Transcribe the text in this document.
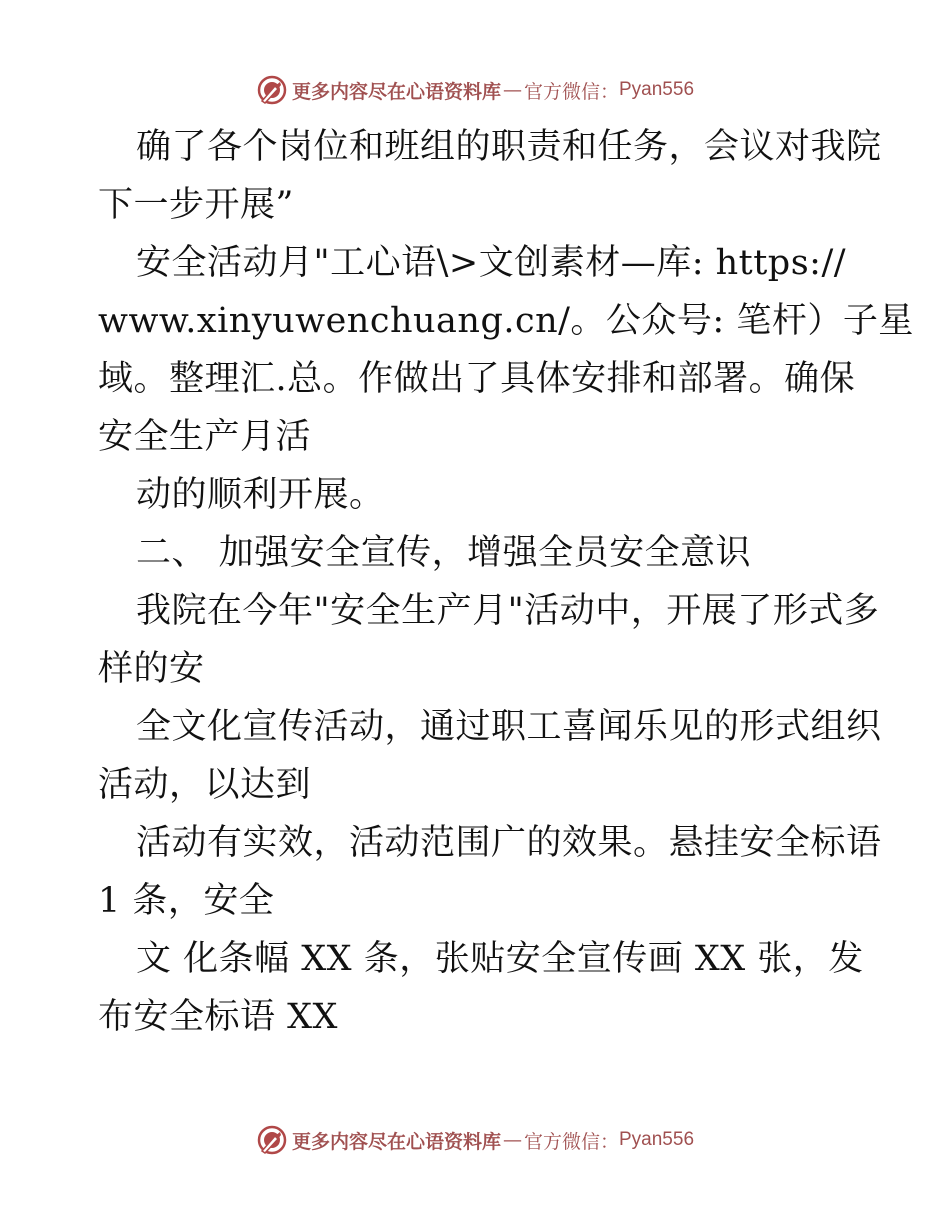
更多内容尽在心语资料库 — 官方微信： Pyan556
确了各个岗位和班组的职责和任务，会议对我院
下一步开展”
安全活动月"工心语\>文创素材—库: https://
www.xinyuwenchuang.cn/。公众号: 笔杆）子星
域。整理汇.总。作做出了具体安排和部署。确保
安全生产月活
动的顺利开展。
二、 加强安全宣传，增强全员安全意识
我院在今年"安全生产月"活动中，开展了形式多
样的安
全文化宣传活动，通过职工喜闻乐见的形式组织
活动，以达到
活动有实效，活动范围广的效果。悬挂安全标语
1 条，安全
文 化条幅 XX 条，张贴安全宣传画 XX 张，发
布安全标语 XX
更多内容尽在心语资料库 — 官方微信： Pyan556
